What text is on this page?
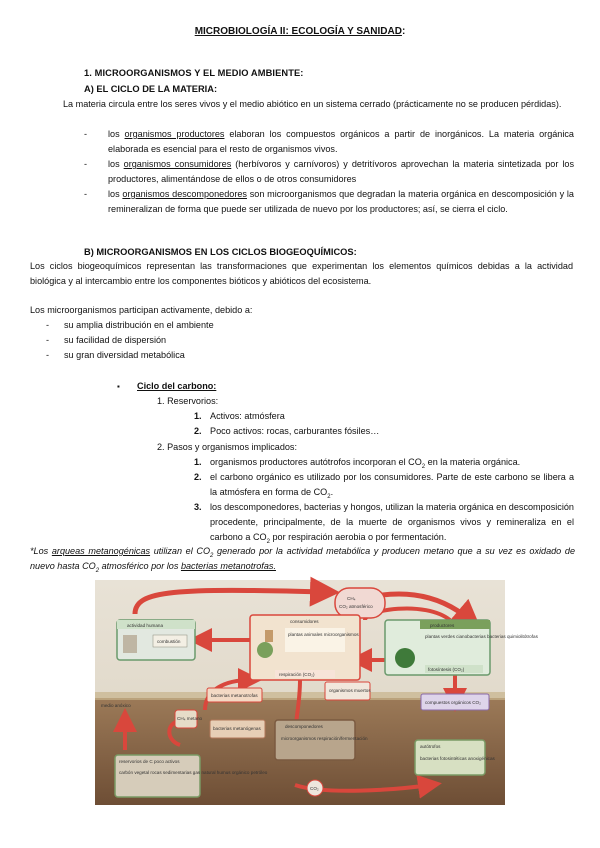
MICROBIOLOGÍA II: ECOLOGÍA Y SANIDAD:
1. MICROORGANISMOS Y EL MEDIO AMBIENTE:
A) EL CICLO DE LA MATERIA:
La materia circula entre los seres vivos y el medio abiótico en un sistema cerrado (prácticamente no se producen pérdidas).
- los organismos productores elaboran los compuestos orgánicos a partir de inorgánicos. La materia orgánica elaborada es esencial para el resto de organismos vivos.
- los organismos consumidores (herbívoros y carnívoros) y detritívoros aprovechan la materia sintetizada por los productores, alimentándose de ellos o de otros consumidores
- los organismos descomponedores son microorganismos que degradan la materia orgánica en descomposición y la remineralizan de forma que puede ser utilizada de nuevo por los productores; así, se cierra el ciclo.
B) MICROORGANISMOS EN LOS CICLOS BIOGEOQUÍMICOS:
Los ciclos biogeoquímicos representan las transformaciones que experimentan los elementos químicos debidas a la actividad biológica y al intercambio entre los componentes bióticos y abióticos del ecosistema.
Los microorganismos participan activamente, debido a:
- su amplia distribución en el ambiente
- su facilidad de dispersión
- su gran diversidad metabólica
▪ Ciclo del carbono:
1. Reservorios:
1. Activos: atmósfera
2. Poco activos: rocas, carburantes fósiles…
2. Pasos y organismos implicados:
1. organismos productores autótrofos incorporan el $CO_2$ en la materia orgánica.
2. el carbono orgánico es utilizado por los consumidores. Parte de este carbono se libera a la atmósfera en forma de $CO_2$.
3. los descomponedores, bacterias y hongos, utilizan la materia orgánica en descomposición procedente, principalmente, de la muerte de organismos vivos y remineraliza en el carbono a $CO_2$ por respiración aerobia o por fermentación.
*Los arqueas metanogénicas utilizan el $CO_2$ generado por la actividad metabólica y producen metano que a su vez es oxidado de nuevo hasta $CO_2$ atmosférico por los bacterias metanotrofas.
CH₄
CO₂ atmosférico
actividad humana
combustión
consumidores
plantas animales microorganismos
respiración (CO₂)
productores
plantas verdes cianobacterias bacterias quimiolitótrofas
fotosíntesis (CO₂)
organismos muertos
bacterias metanotrofas
compuestos orgánicos CO₂
medio anóxico
CH₄ metano
bacterias metanógenas	descomponedores
microorganismos respiración/fermentación
reservorios de C poco activos
carbón vegetal rocas sedimentarias gas natural humus orgánico petróleo
autótrofos
bacterias fotosintéticas anoxigénicas
CO₂
